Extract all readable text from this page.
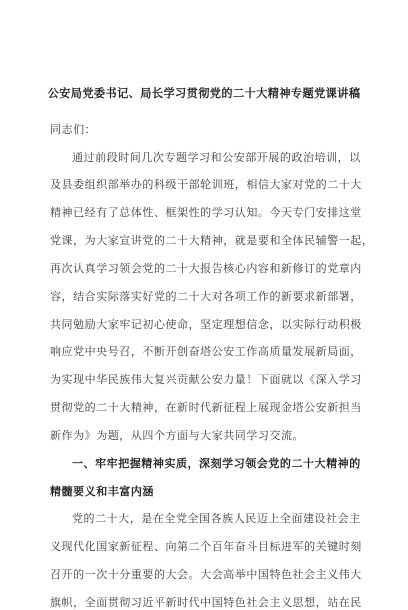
公安局党委书记、局长学习贯彻党的二十大精神专题党课讲稿
同志们：
通过前段时间几次专题学习和公安部开展的政治培训，以
及县委组织部举办的科级干部轮训班，相信大家对党的二十大
精神已经有了总体性、框架性的学习认知。今天专门安排这堂
党课，为大家宣讲党的二十大精神，就是要和全体民辅警一起，
再次认真学习领会党的二十大报告核心内容和新修订的党章内
容，结合实际落实好党的二十大对各项工作的新要求新部署，
共同勉励大家牢记初心使命，坚定理想信念，以实际行动积极
响应党中央号召，不断开创奋塔公安工作高质量发展新局面，
为实现中华民族伟大复兴贡献公安力量！下面就以《深入学习
贯彻党的二十大精神，在新时代新征程上展现金塔公安新担当
新作为》为题，从四个方面与大家共同学习交流。
一、牢牢把握精神实质，深刻学习领会党的二十大精神的
精髓要义和丰富内涵
党的二十大，是在全党全国各族人民迈上全面建设社会主
义现代化国家新征程、向第二个百年奋斗目标进军的关键时刻
召开的一次十分重要的大会。大会高举中国特色社会主义伟大
旗帜，全面贯彻习近平新时代中国特色社会主义思想，站在民
